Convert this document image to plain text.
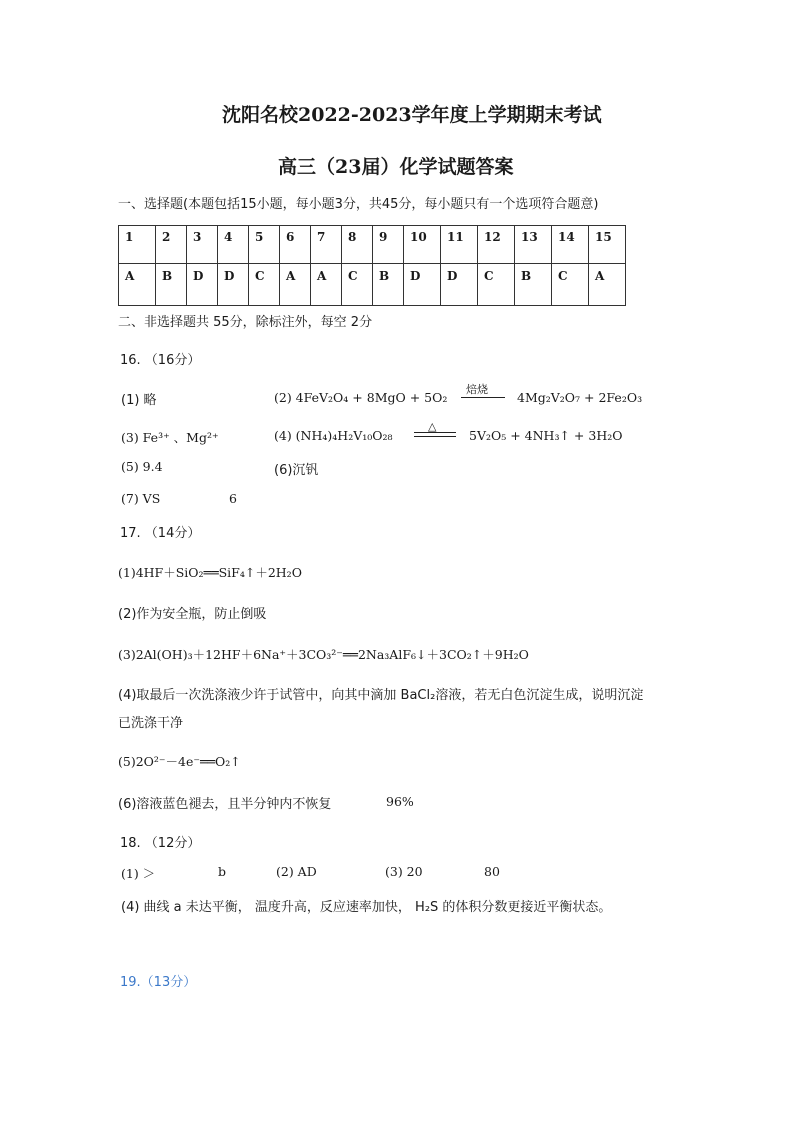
沈阳名校2022-2023学年度上学期期末考试
高三（23届）化学试题答案
一、选择题(本题包括15小题，每小题3分，共45分，每小题只有一个选项符合题意)
1	2	3	4	5	6	7	8	9	10	11	12	13	14	15
A	B	D	D	C	A	A	C	B	D	D	C	B	C	A
二、非选择题共 55分，除标注外，每空 2分
16. （16分）
(1) 略	(2) 4FeV₂O₄ + 8MgO + 5O₂
焙烧
4Mg₂V₂O₇ + 2Fe₂O₃
(3) Fe³⁺ 、Mg²⁺	(4) (NH₄)₄H₂V₁₀O₂₈
△
5V₂O₅ + 4NH₃↑ + 3H₂O
(5) 9.4	(6)沉钒
(7) VS	6
17. （14分）
(1)4HF＋SiO₂══SiF₄↑＋2H₂O
(2)作为安全瓶，防止倒吸
(3)2Al(OH)₃＋12HF＋6Na⁺＋3CO₃²⁻══2Na₃AlF₆↓＋3CO₂↑＋9H₂O
(4)取最后一次洗涤液少许于试管中，向其中滴加 BaCl₂溶液，若无白色沉淀生成，说明沉淀
已洗涤干净
(5)2O²⁻－4e⁻══O₂↑
(6)溶液蓝色褪去，且半分钟内不恢复	96%
18. （12分）
(1) ＞	b	(2) AD	(3) 20	80
(4) 曲线 a 未达平衡， 温度升高，反应速率加快， H₂S 的体积分数更接近平衡状态。
19.（13分）
